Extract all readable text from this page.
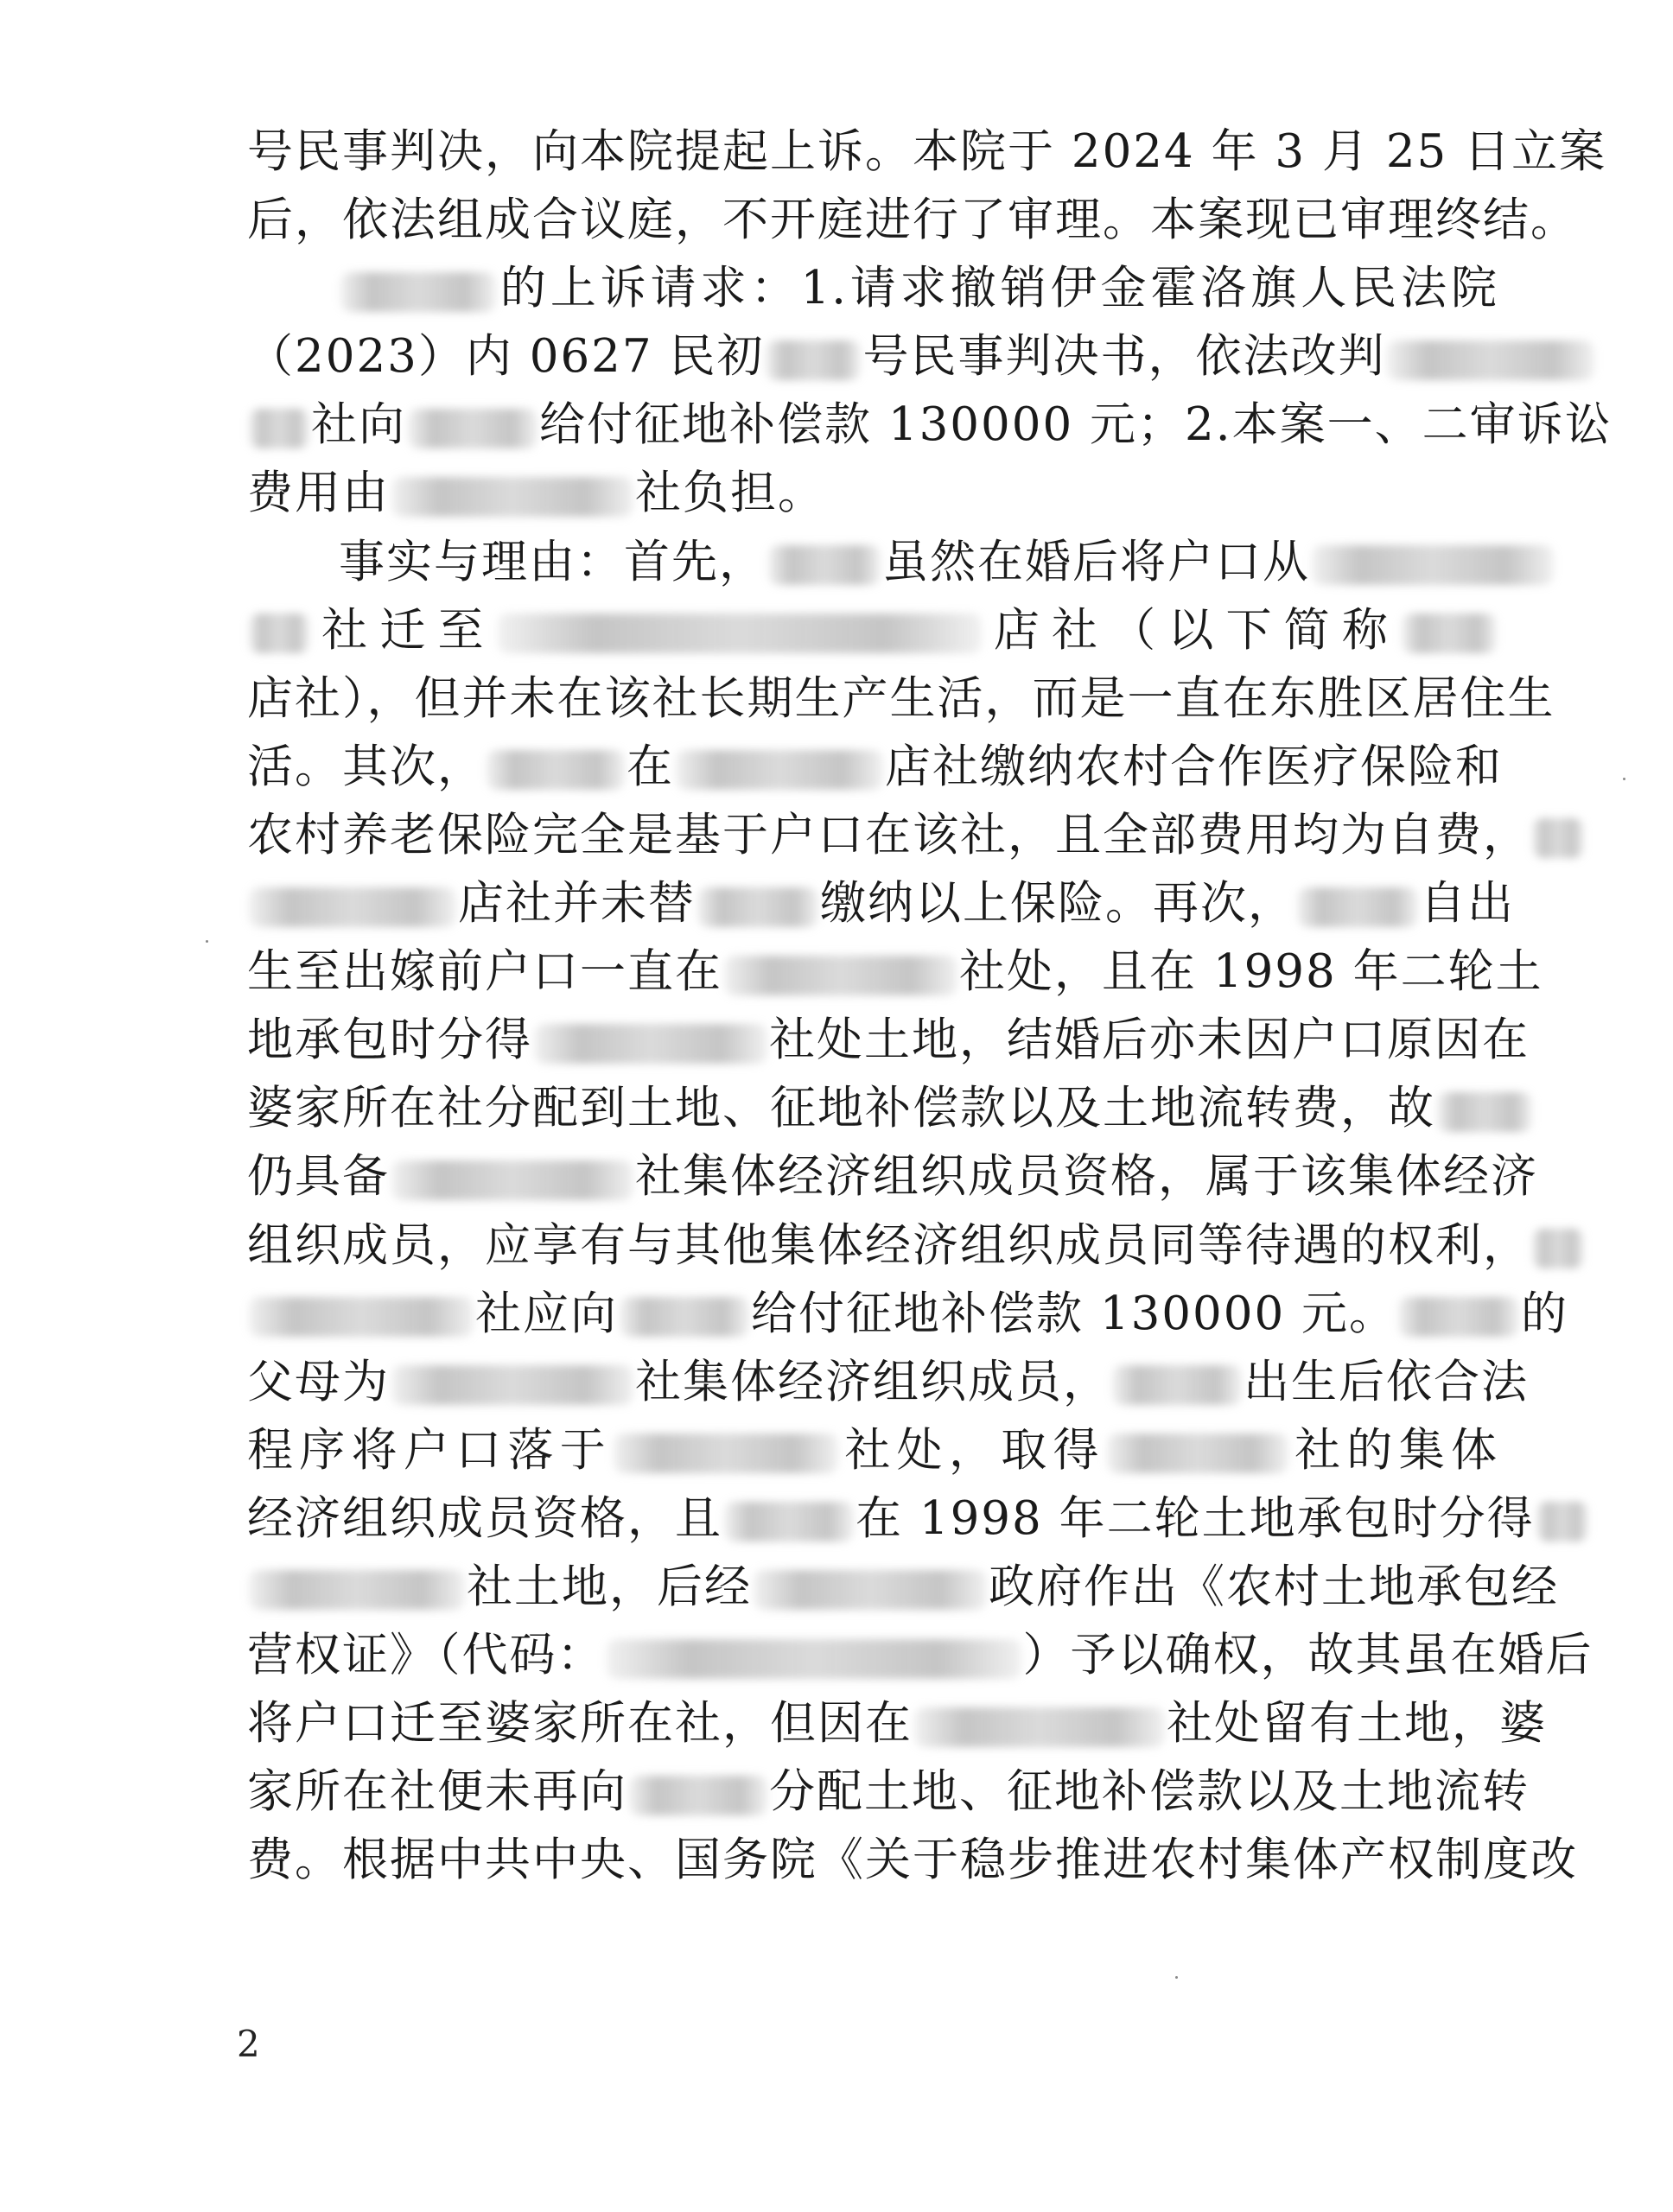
号民事判决，向本院提起上诉。本院于 2024 年 3 月 25 日立案
后，依法组成合议庭，不开庭进行了审理。本案现已审理终结。
的上诉请求：1.请求撤销伊金霍洛旗人民法院
（2023）内 0627 民初 号民事判决书，依法改判
社向	给付征地补偿款 130000 元；2.本案一、二审诉讼
费用由	社负担。
事实与理由：首先，	虽然在婚后将户口从
社迁至	店社（以下简称
店社），但并未在该社长期生产生活，而是一直在东胜区居住生
活。其次，	在	店社缴纳农村合作医疗保险和
农村养老保险完全是基于户口在该社，且全部费用均为自费，
店社并未替	缴纳以上保险。再次，	自出
生至出嫁前户口一直在	社处，且在 1998 年二轮土
地承包时分得	社处土地，结婚后亦未因户口原因在
婆家所在社分配到土地、征地补偿款以及土地流转费，故
仍具备	社集体经济组织成员资格，属于该集体经济
组织成员，应享有与其他集体经济组织成员同等待遇的权利，
社应向	给付征地补偿款 130000 元。	的
父母为	社集体经济组织成员，	出生后依合法
程序将户口落于	社处，取得	社的集体
经济组织成员资格，且	在 1998 年二轮土地承包时分得
社土地，后经	政府作出《农村土地承包经
营权证》（代码：	）予以确权，故其虽在婚后
将户口迁至婆家所在社，但因在	社处留有土地，婆
家所在社便未再向	分配土地、征地补偿款以及土地流转
费。根据中共中央、国务院《关于稳步推进农村集体产权制度改
2
